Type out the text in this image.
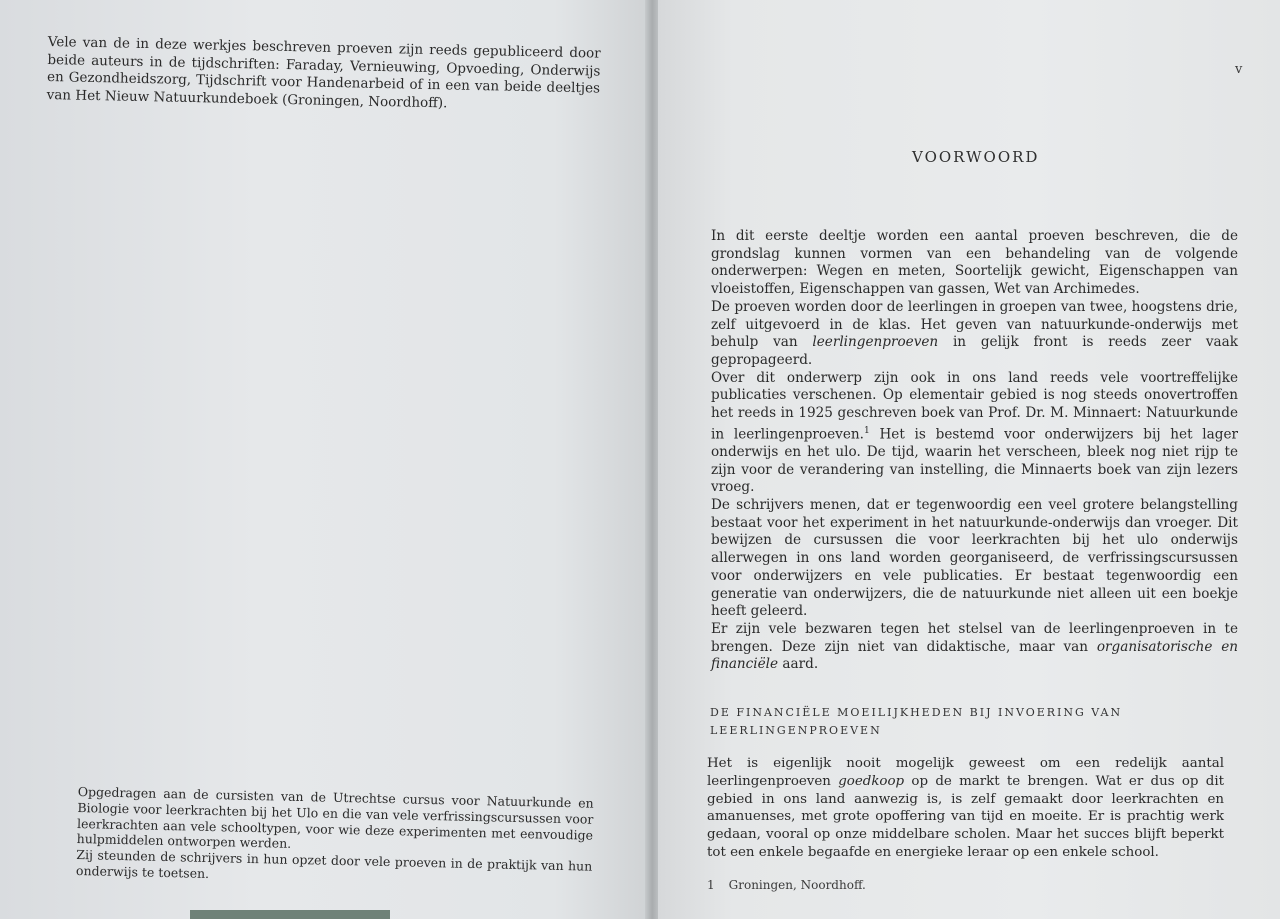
Vele van de in deze werkjes beschreven proeven zijn reeds gepubliceerd door beide auteurs in de tijdschriften: Faraday, Vernieuwing, Opvoeding, Onderwijs en Gezondheidszorg, Tijdschrift voor Handenarbeid of in een van beide deeltjes van Het Nieuw Natuurkundeboek (Groningen, Noordhoff).

Opgedragen aan de cursisten van de Utrechtse cursus voor Natuurkunde en Biologie voor leerkrachten bij het Ulo en die van vele verfrissingscursussen voor leerkrachten aan vele schooltypen, voor wie deze experimenten met eenvoudige hulpmiddelen ontworpen werden.

Zij steunden de schrijvers in hun opzet door vele proeven in de praktijk van hun onderwijs te toetsen.

v
VOORWOORD

In dit eerste deeltje worden een aantal proeven beschreven, die de grondslag kunnen vormen van een behandeling van de volgende onderwerpen: Wegen en meten, Soortelijk gewicht, Eigenschappen van vloeistoffen, Eigenschappen van gassen, Wet van Archimedes.

De proeven worden door de leerlingen in groepen van twee, hoogstens drie, zelf uitgevoerd in de klas. Het geven van natuurkunde-onderwijs met behulp van leerlingenproeven in gelijk front is reeds zeer vaak gepropageerd.

Over dit onderwerp zijn ook in ons land reeds vele voortreffelijke publicaties verschenen. Op elementair gebied is nog steeds onovertroffen het reeds in 1925 geschreven boek van Prof. Dr. M. Minnaert: Natuurkunde in leerlingenproeven.$^1$ Het is bestemd voor onderwijzers bij het lager onderwijs en het ulo. De tijd, waarin het verscheen, bleek nog niet rijp te zijn voor de verandering van instelling, die Minnaerts boek van zijn lezers vroeg.

De schrijvers menen, dat er tegenwoordig een veel grotere belangstelling bestaat voor het experiment in het natuurkunde-onderwijs dan vroeger. Dit bewijzen de cursussen die voor leerkrachten bij het ulo onderwijs allerwegen in ons land worden georganiseerd, de verfrissingscursussen voor onderwijzers en vele publicaties. Er bestaat tegenwoordig een generatie van onderwijzers, die de natuurkunde niet alleen uit een boekje heeft geleerd.

Er zijn vele bezwaren tegen het stelsel van de leerlingenproeven in te brengen. Deze zijn niet van didaktische, maar van organisatorische en financiële aard.

DE FINANCIËLE MOEILIJKHEDEN BIJ INVOERING VAN LEERLINGENPROEVEN

Het is eigenlijk nooit mogelijk geweest om een redelijk aantal leerlingenproeven goedkoop op de markt te brengen. Wat er dus op dit gebied in ons land aanwezig is, is zelf gemaakt door leerkrachten en amanuenses, met grote opoffering van tijd en moeite. Er is prachtig werk gedaan, vooral op onze middelbare scholen. Maar het succes blijft beperkt tot een enkele begaafde en energieke leraar op een enkele school.

1 Groningen, Noordhoff.
